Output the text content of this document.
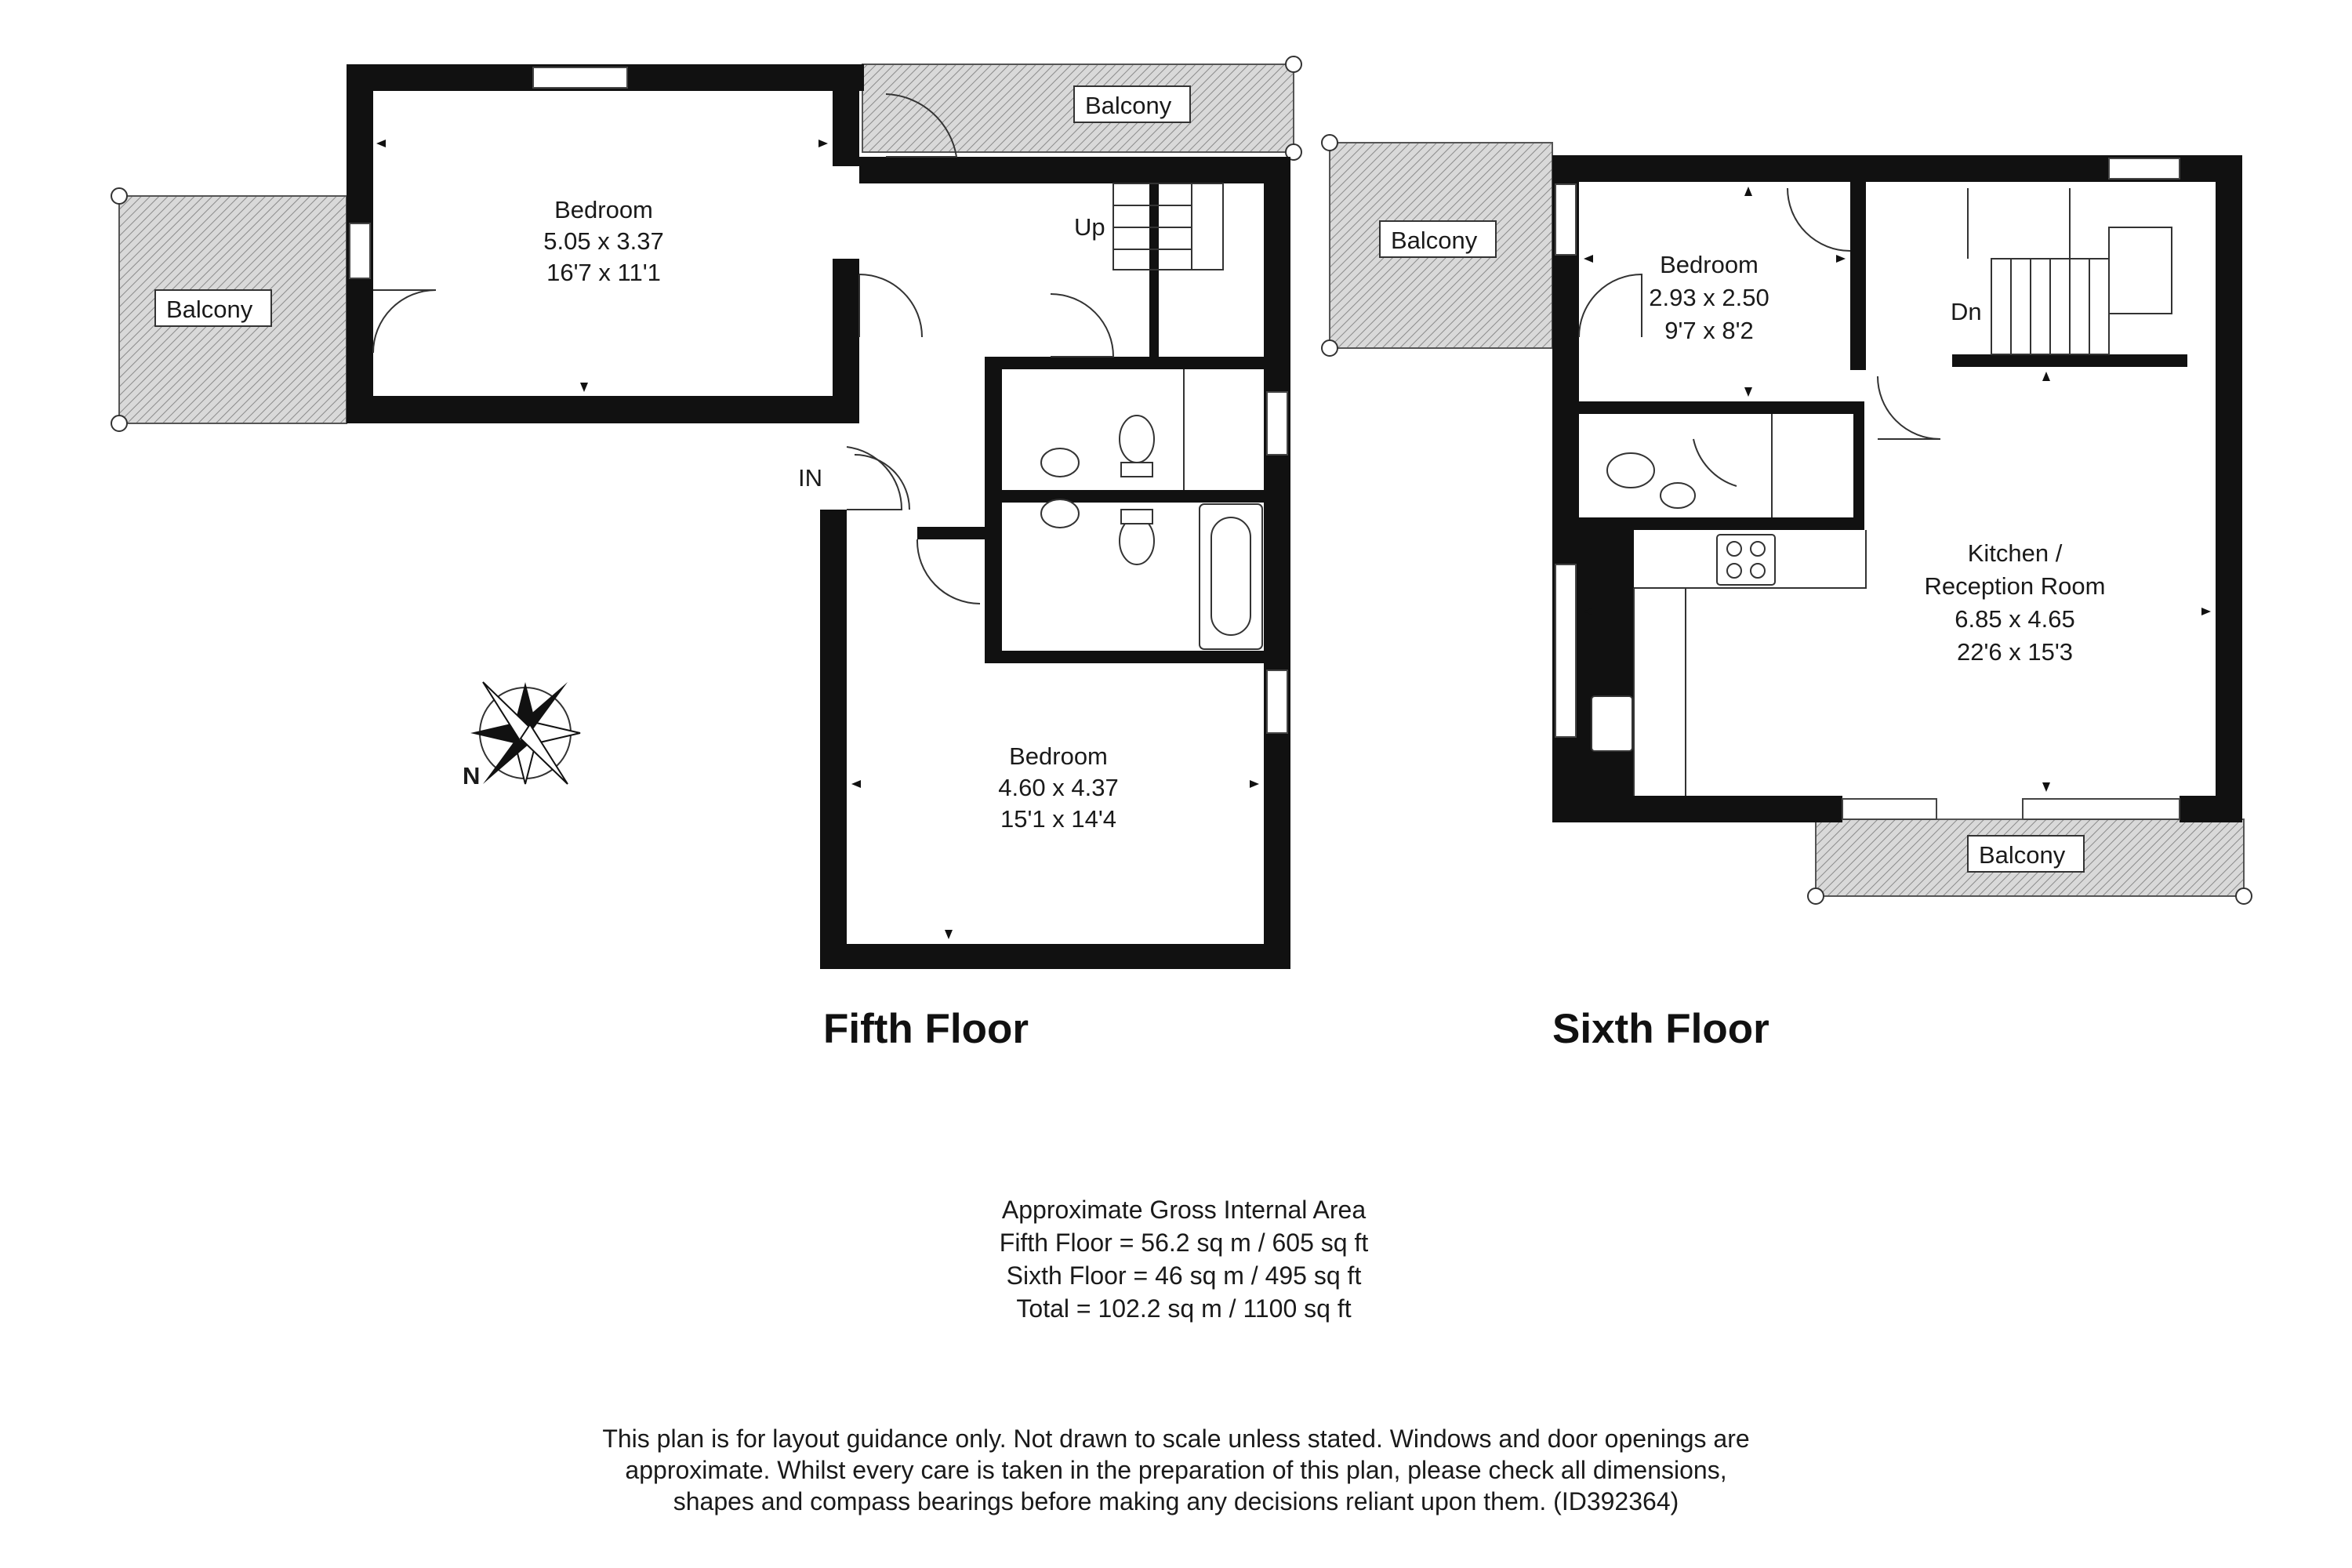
Balcony
Balcony
Up
IN
Bedroom
5.05 x 3.37
16'7 x 11'1
Bedroom
4.60 x 4.37
15'1 x 14'4
Fifth Floor
Balcony
Balcony
Dn
Bedroom
2.93 x 2.50
9'7 x 8'2
Kitchen /
Reception Room
6.85 x 4.65
22'6 x 15'3
Sixth Floor
N
Approximate Gross Internal Area
Fifth Floor = 56.2 sq m / 605 sq ft
Sixth Floor = 46 sq m / 495 sq ft
Total = 102.2 sq m / 1100 sq ft
This plan is for layout guidance only. Not drawn to scale unless stated. Windows and door openings are
approximate. Whilst every care is taken in the preparation of this plan, please check all dimensions,
shapes and compass bearings before making any decisions reliant upon them. (ID392364)
